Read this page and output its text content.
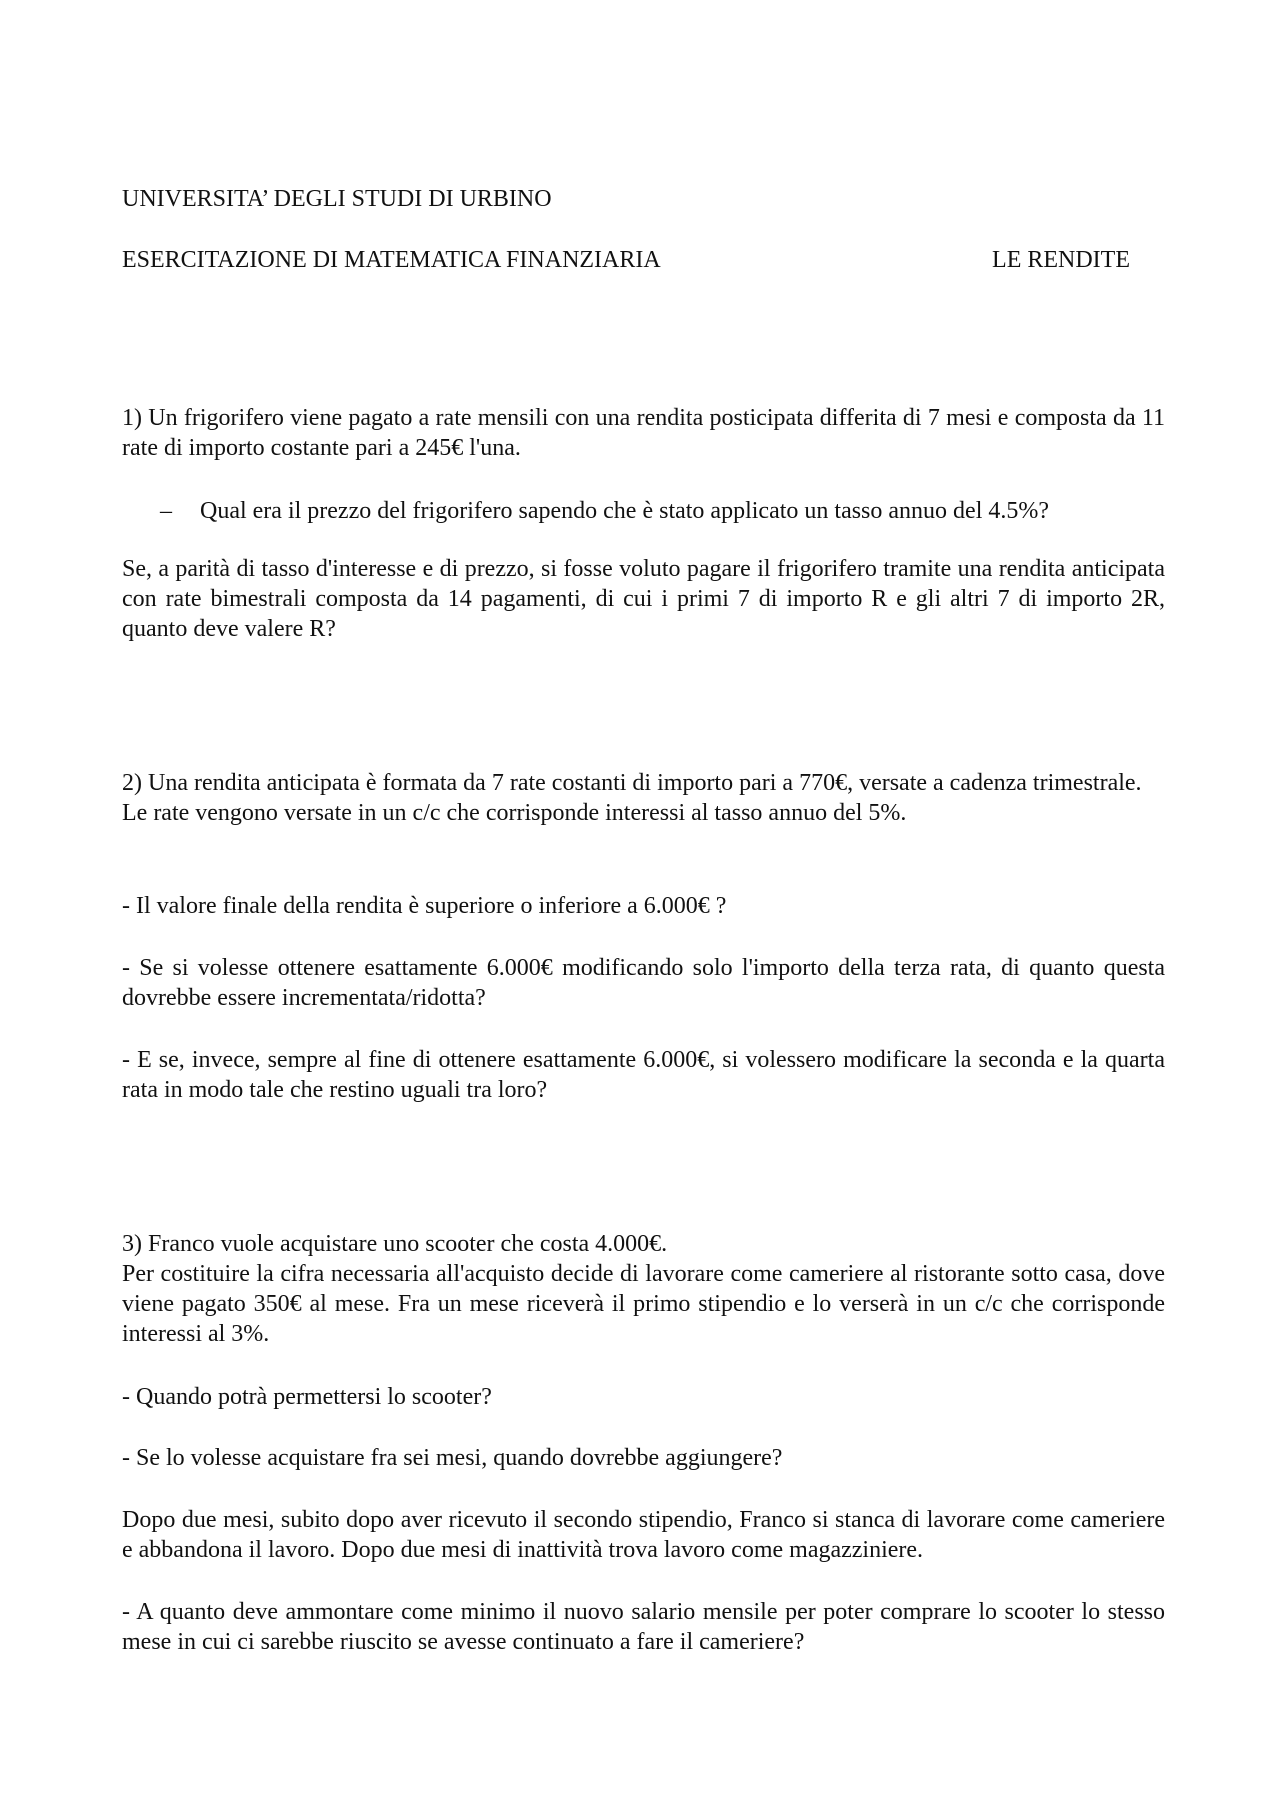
UNIVERSITA’ DEGLI STUDI DI URBINO
ESERCITAZIONE DI MATEMATICA FINANZIARIA	LE RENDITE

1) Un frigorifero viene pagato a rate mensili con una rendita posticipata differita di 7 mesi e composta da 11 rate di importo costante pari a 245€ l'una.

– Qual era il prezzo del frigorifero sapendo che è stato applicato un tasso annuo del 4.5%?

Se, a parità di tasso d'interesse e di prezzo, si fosse voluto pagare il frigorifero tramite una rendita anticipata con rate bimestrali composta da 14 pagamenti, di cui i primi 7 di importo R e gli altri 7 di importo 2R, quanto deve valere R?

2) Una rendita anticipata è formata da 7 rate costanti di importo pari a 770€, versate a cadenza trimestrale.

Le rate vengono versate in un c/c che corrisponde interessi al tasso annuo del 5%.

- Il valore finale della rendita è superiore o inferiore a 6.000€ ?

- Se si volesse ottenere esattamente 6.000€ modificando solo l'importo della terza rata, di quanto questa dovrebbe essere incrementata/ridotta?

- E se, invece, sempre al fine di ottenere esattamente 6.000€, si volessero modificare la seconda e la quarta rata in modo tale che restino uguali tra loro?

3) Franco vuole acquistare uno scooter che costa 4.000€.

Per costituire la cifra necessaria all'acquisto decide di lavorare come cameriere al ristorante sotto casa, dove viene pagato 350€ al mese. Fra un mese riceverà il primo stipendio e lo verserà in un c/c che corrisponde interessi al 3%.

- Quando potrà permettersi lo scooter?

- Se lo volesse acquistare fra sei mesi, quando dovrebbe aggiungere?

Dopo due mesi, subito dopo aver ricevuto il secondo stipendio, Franco si stanca di lavorare come cameriere e abbandona il lavoro. Dopo due mesi di inattività trova lavoro come magazziniere.

- A quanto deve ammontare come minimo il nuovo salario mensile per poter comprare lo scooter lo stesso mese in cui ci sarebbe riuscito se avesse continuato a fare il cameriere?
